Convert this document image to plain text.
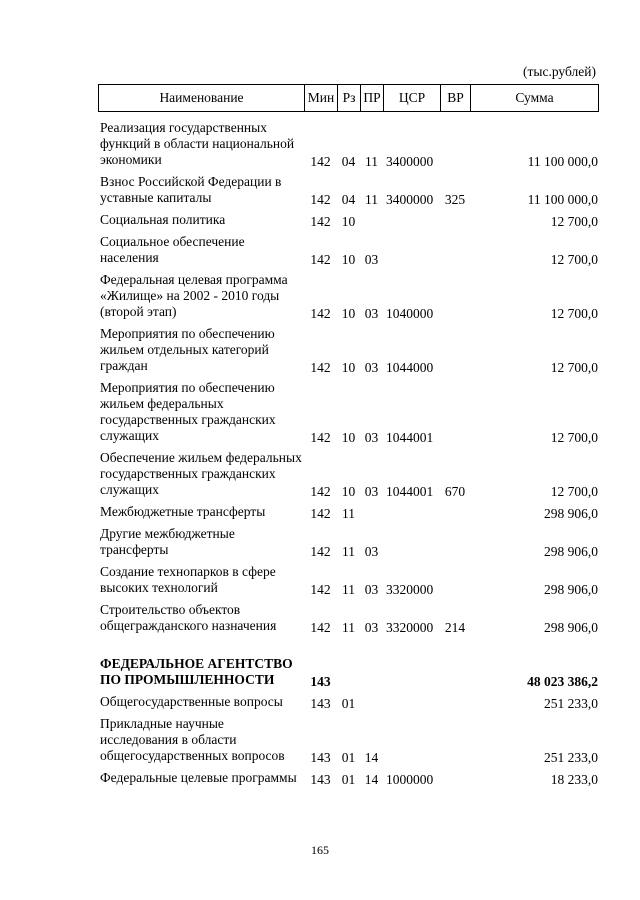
(тыс.рублей)
Наименование	Мин	Рз	ПР	ЦСР	ВР	Сумма
Реализация государственных функций в области национальной экономики	142	04	11	3400000		11 100 000,0
Взнос Российской Федерации в уставные капиталы	142	04	11	3400000	325	11 100 000,0
Социальная политика	142	10				12 700,0
Социальное обеспечение населения	142	10	03			12 700,0
Федеральная целевая программа «Жилище» на 2002 - 2010 годы (второй этап)	142	10	03	1040000		12 700,0
Мероприятия по обеспечению жильем отдельных категорий граждан	142	10	03	1044000		12 700,0
Мероприятия по обеспечению жильем федеральных государственных гражданских служащих	142	10	03	1044001		12 700,0
Обеспечение жильем федеральных государственных гражданских служащих	142	10	03	1044001	670	12 700,0
Межбюджетные трансферты	142	11				298 906,0
Другие межбюджетные трансферты	142	11	03			298 906,0
Создание технопарков в сфере высоких технологий	142	11	03	3320000		298 906,0
Строительство объектов общегражданского назначения	142	11	03	3320000	214	298 906,0

ФЕДЕРАЛЬНОЕ АГЕНТСТВО ПО ПРОМЫШЛЕННОСТИ	143					48 023 386,2
Общегосударственные вопросы	143	01				251 233,0
Прикладные научные исследования в области общегосударственных вопросов	143	01	14			251 233,0
Федеральные целевые программы	143	01	14	1000000		18 233,0
165
